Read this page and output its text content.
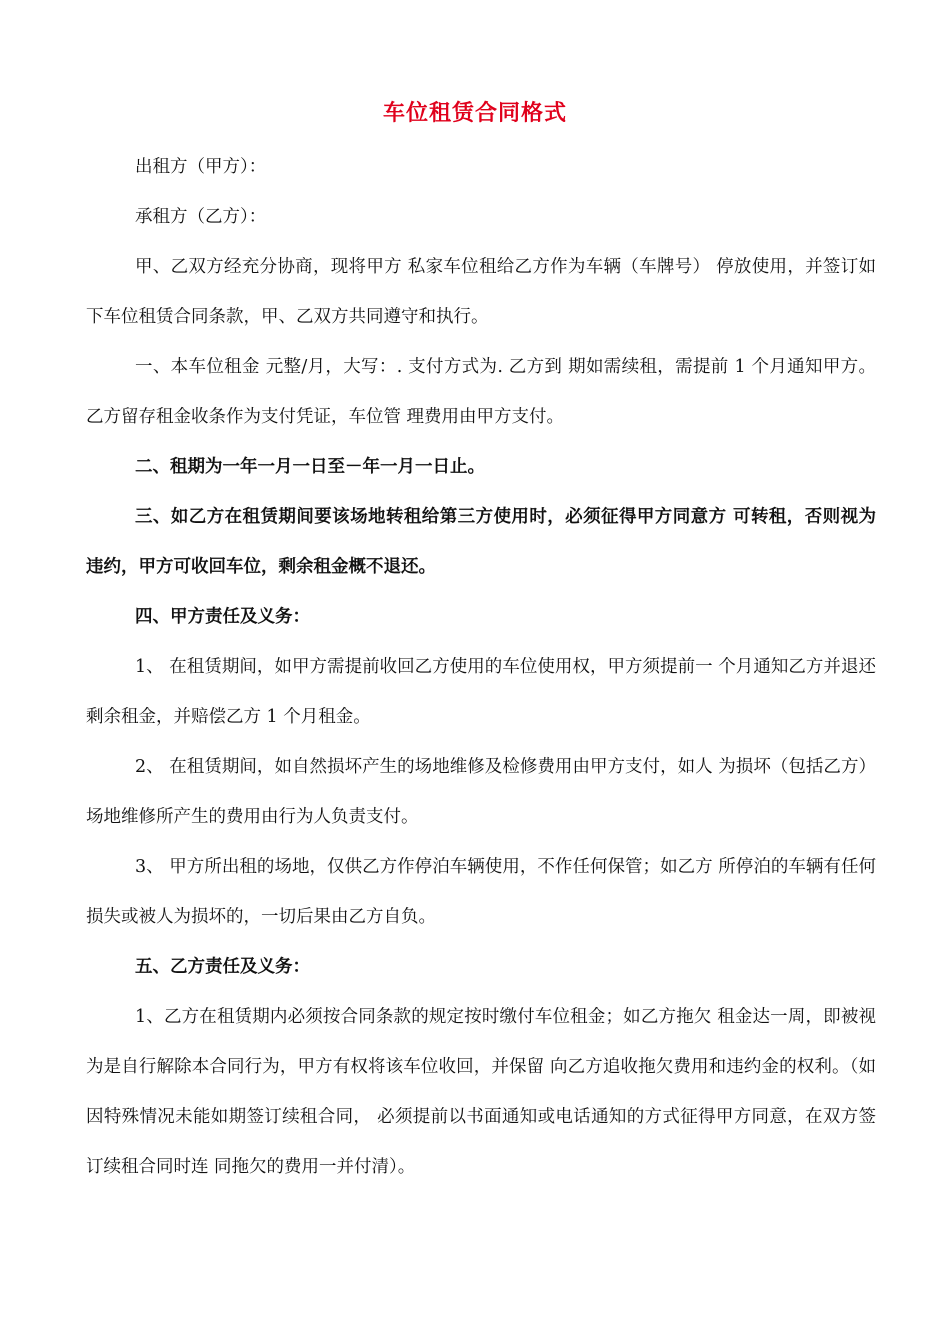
车位租赁合同格式

出租方（甲方）：

承租方（乙方）：

甲、乙双方经充分协商，现将甲方 私家车位租给乙方作为车辆（车牌号） 停放使用，并签订如下车位租赁合同条款，甲、乙双方共同遵守和执行。

一、本车位租金 元整/月，大写：. 支付方式为. 乙方到 期如需续租，需提前 1 个月通知甲方。乙方留存租金收条作为支付凭证，车位管 理费用由甲方支付。

二、租期为一年一月一日至－年一月一日止。

三、如乙方在租赁期间要该场地转租给第三方使用时，必须征得甲方同意方 可转租，否则视为违约，甲方可收回车位，剩余租金概不退还。

四、甲方责任及义务：

1、 在租赁期间，如甲方需提前收回乙方使用的车位使用权，甲方须提前一 个月通知乙方并退还剩余租金，并赔偿乙方 1 个月租金。

2、 在租赁期间，如自然损坏产生的场地维修及检修费用由甲方支付，如人 为损坏（包括乙方）场地维修所产生的费用由行为人负责支付。

3、 甲方所出租的场地，仅供乙方作停泊车辆使用，不作任何保管；如乙方 所停泊的车辆有任何损失或被人为损坏的，一切后果由乙方自负。

五、乙方责任及义务：

1、乙方在租赁期内必须按合同条款的规定按时缴付车位租金；如乙方拖欠 租金达一周，即被视为是自行解除本合同行为，甲方有权将该车位收回，并保留 向乙方追收拖欠费用和违约金的权利。（如因特殊情况未能如期签订续租合同， 必须提前以书面通知或电话通知的方式征得甲方同意，在双方签订续租合同时连 同拖欠的费用一并付清）。
